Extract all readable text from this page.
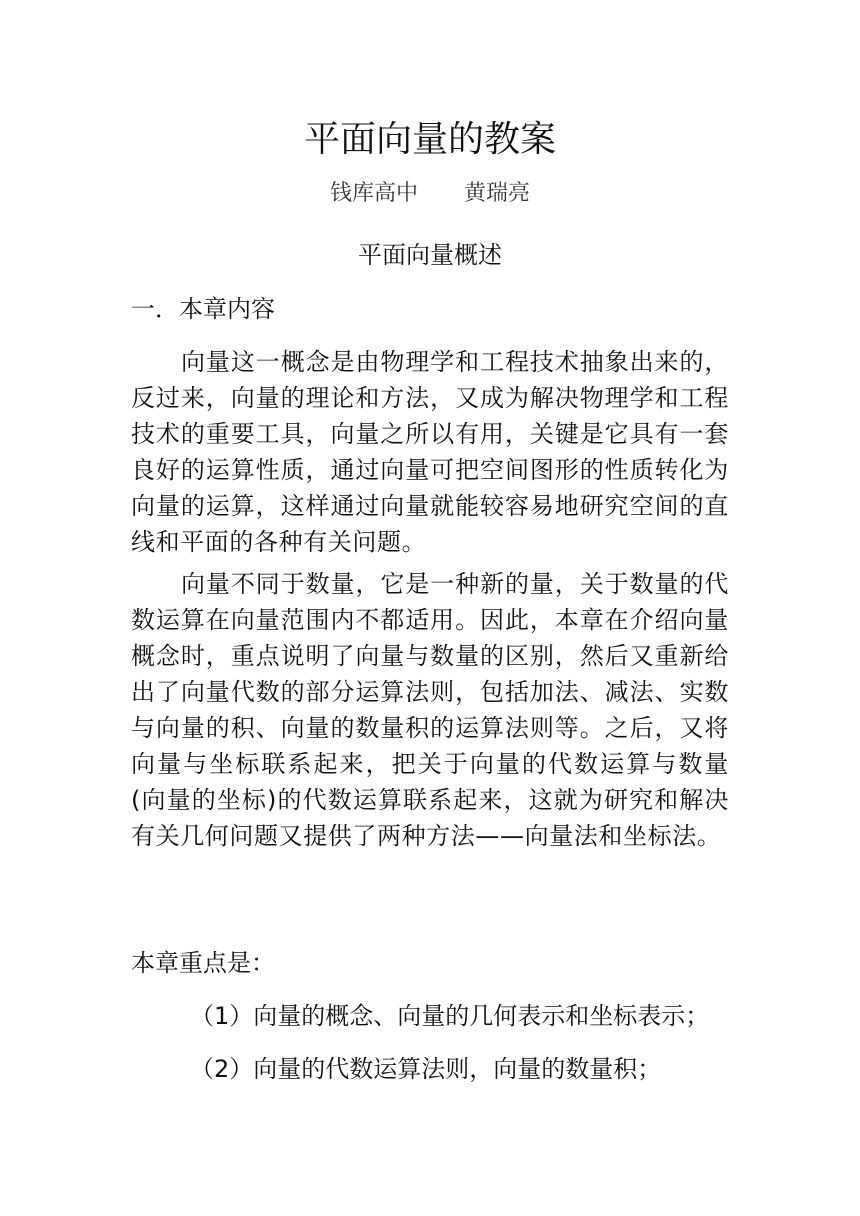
平面向量的教案
钱库高中 黄瑞亮
平面向量概述
一．本章内容

向量这一概念是由物理学和工程技术抽象出来的，反过来，向量的理论和方法，又成为解决物理学和工程技术的重要工具，向量之所以有用，关键是它具有一套良好的运算性质，通过向量可把空间图形的性质转化为向量的运算，这样通过向量就能较容易地研究空间的直线和平面的各种有关问题。

向量不同于数量，它是一种新的量，关于数量的代数运算在向量范围内不都适用。因此，本章在介绍向量概念时，重点说明了向量与数量的区别，然后又重新给出了向量代数的部分运算法则，包括加法、减法、实数与向量的积、向量的数量积的运算法则等。之后，又将向量与坐标联系起来，把关于向量的代数运算与数量(向量的坐标)的代数运算联系起来，这就为研究和解决有关几何问题又提供了两种方法——向量法和坐标法。

本章重点是：

（1）向量的概念、向量的几何表示和坐标表示；

（2）向量的代数运算法则，向量的数量积；
